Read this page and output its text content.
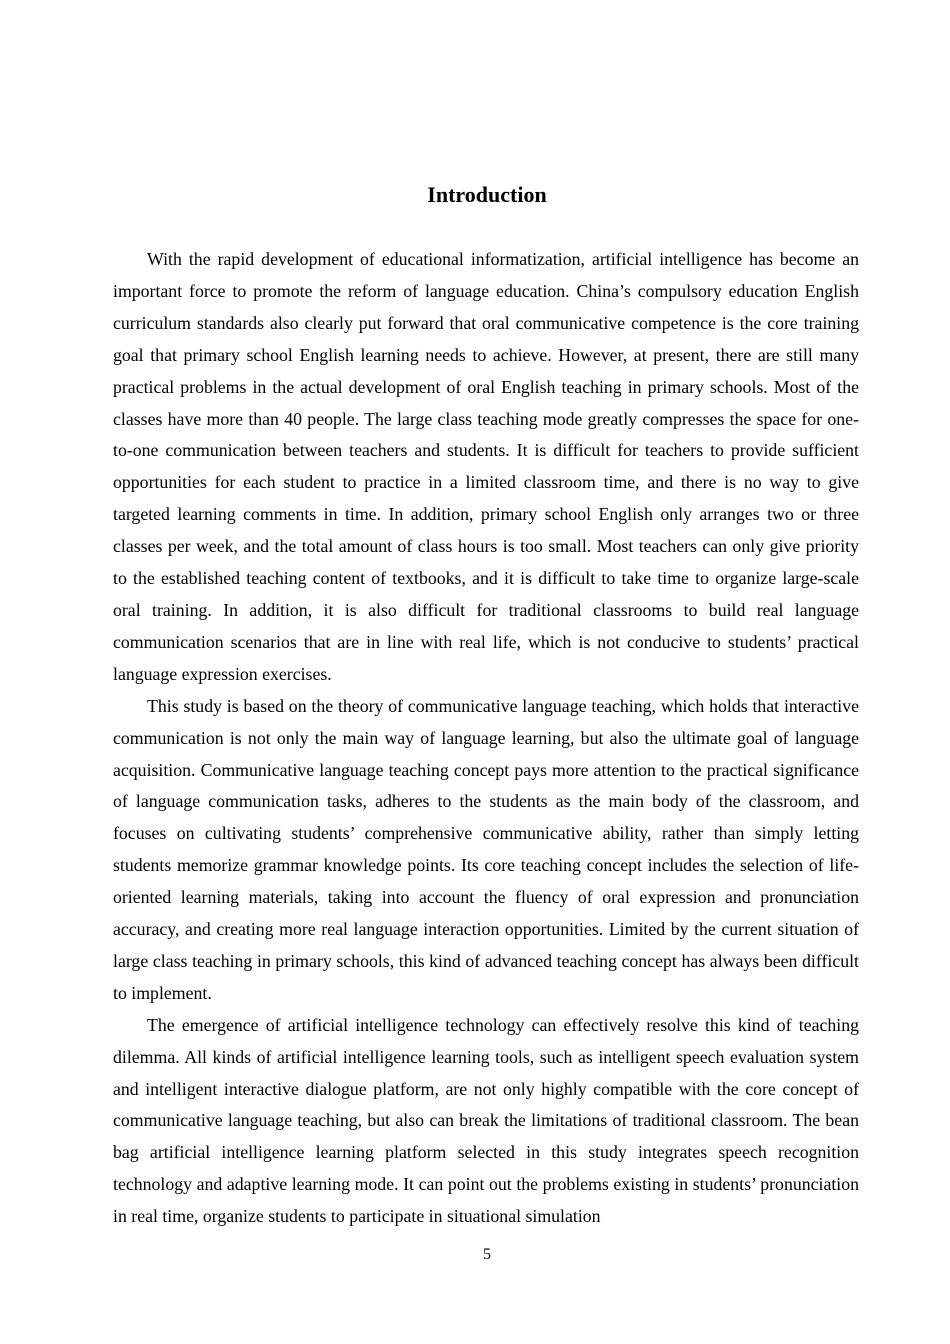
Introduction

With the rapid development of educational informatization, artificial intelligence has become an important force to promote the reform of language education. China’s compulsory education English curriculum standards also clearly put forward that oral communicative competence is the core training goal that primary school English learning needs to achieve. However, at present, there are still many practical problems in the actual development of oral English teaching in primary schools. Most of the classes have more than 40 people. The large class teaching mode greatly compresses the space for one-to-one communication between teachers and students. It is difficult for teachers to provide sufficient opportunities for each student to practice in a limited classroom time, and there is no way to give targeted learning comments in time. In addition, primary school English only arranges two or three classes per week, and the total amount of class hours is too small. Most teachers can only give priority to the established teaching content of textbooks, and it is difficult to take time to organize large-scale oral training. In addition, it is also difficult for traditional classrooms to build real language communication scenarios that are in line with real life, which is not conducive to students’ practical language expression exercises.

This study is based on the theory of communicative language teaching, which holds that interactive communication is not only the main way of language learning, but also the ultimate goal of language acquisition. Communicative language teaching concept pays more attention to the practical significance of language communication tasks, adheres to the students as the main body of the classroom, and focuses on cultivating students’ comprehensive communicative ability, rather than simply letting students memorize grammar knowledge points. Its core teaching concept includes the selection of life-oriented learning materials, taking into account the fluency of oral expression and pronunciation accuracy, and creating more real language interaction opportunities. Limited by the current situation of large class teaching in primary schools, this kind of advanced teaching concept has always been difficult to implement.

The emergence of artificial intelligence technology can effectively resolve this kind of teaching dilemma. All kinds of artificial intelligence learning tools, such as intelligent speech evaluation system and intelligent interactive dialogue platform, are not only highly compatible with the core concept of communicative language teaching, but also can break the limitations of traditional classroom. The bean bag artificial intelligence learning platform selected in this study integrates speech recognition technology and adaptive learning mode. It can point out the problems existing in students’ pronunciation in real time, organize students to participate in situational simulation

5
